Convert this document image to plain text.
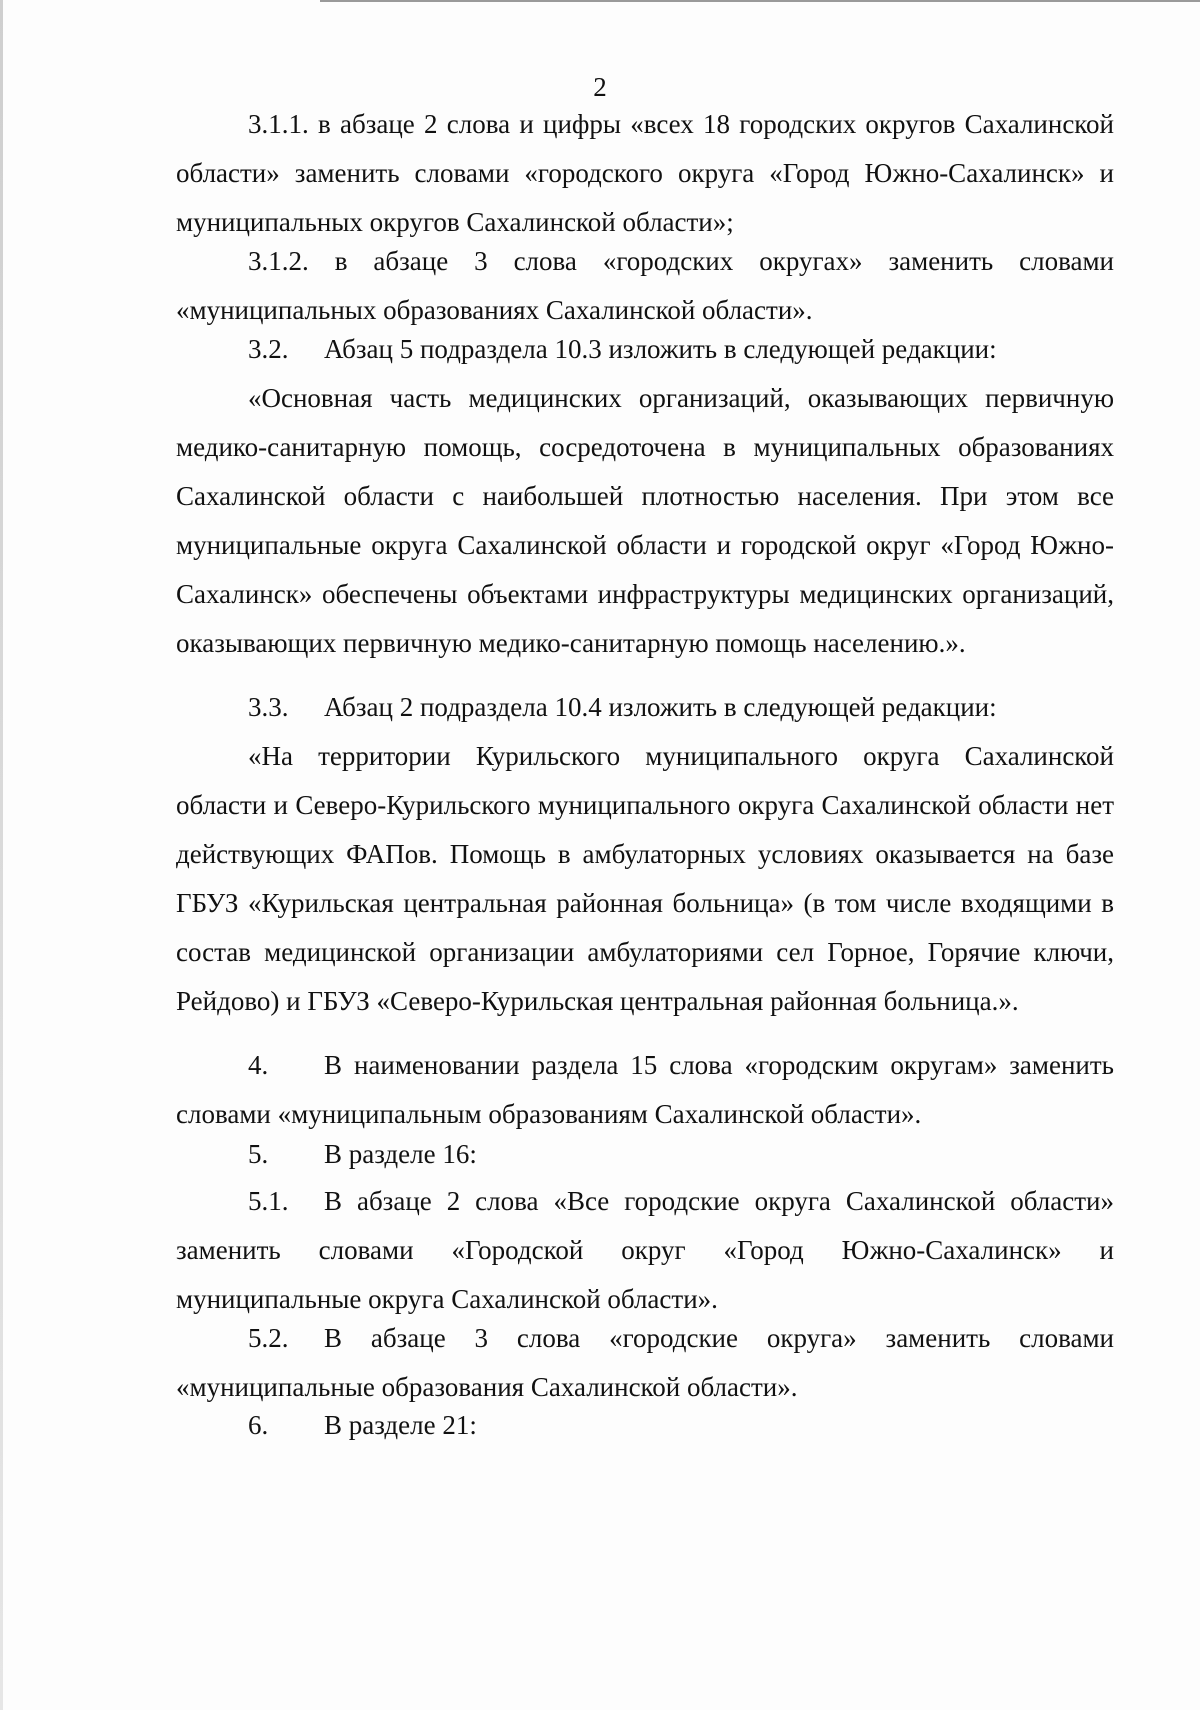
2

3.1.1. в абзаце 2 слова и цифры «всех 18 городских округов Сахалинской области» заменить словами «городского округа «Город Южно-Сахалинск» и муниципальных округов Сахалинской области»;

3.1.2. в абзаце 3 слова «городских округах» заменить словами «муниципальных образованиях Сахалинской области».

3.2. Абзац 5 подраздела 10.3 изложить в следующей редакции:

«Основная часть медицинских организаций, оказывающих первичную медико-санитарную помощь, сосредоточена в муниципальных образованиях Сахалинской области с наибольшей плотностью населения. При этом все муниципальные округа Сахалинской области и городской округ «Город Южно-Сахалинск» обеспечены объектами инфраструктуры медицинских организаций, оказывающих первичную медико-санитарную помощь населению.».

3.3. Абзац 2 подраздела 10.4 изложить в следующей редакции:

«На территории Курильского муниципального округа Сахалинской области и Северо-Курильского муниципального округа Сахалинской области нет действующих ФАПов. Помощь в амбулаторных условиях оказывается на базе ГБУЗ «Курильская центральная районная больница» (в том числе входящими в состав медицинской организации амбулаториями сел Горное, Горячие ключи, Рейдово) и ГБУЗ «Северо-Курильская центральная районная больница.».

4. В наименовании раздела 15 слова «городским округам» заменить словами «муниципальным образованиям Сахалинской области».

5. В разделе 16:

5.1. В абзаце 2 слова «Все городские округа Сахалинской области» заменить словами «Городской округ «Город Южно-Сахалинск» и муниципальные округа Сахалинской области».

5.2. В абзаце 3 слова «городские округа» заменить словами «муниципальные образования Сахалинской области».

6. В разделе 21:
